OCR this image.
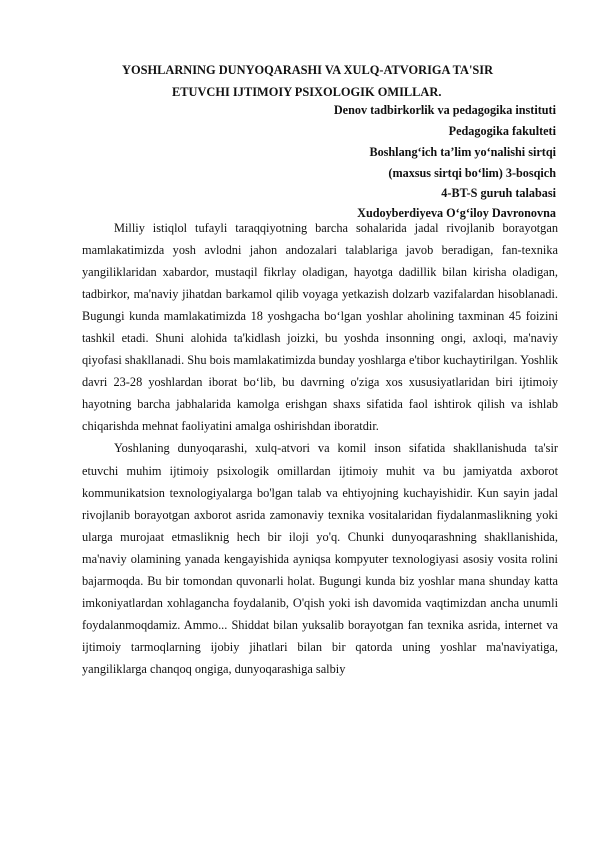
YOSHLARNING DUNYOQARASHI VA XULQ-ATVORIGA TA'SIR
ETUVCHI IJTIMOIY PSIXOLOGIK OMILLAR.
Denov tadbirkorlik va pedagogika instituti
Pedagogika fakulteti
Boshlang‘ich ta’lim yo‘nalishi sirtqi
(maxsus sirtqi bo‘lim) 3-bosqich
4-BT-S guruh talabasi
Xudoyberdiyeva O‘g‘iloy Davronovna

Milliy istiqlol tufayli taraqqiyotning barcha sohalarida jadal rivojlanib borayotgan mamlakatimizda yosh avlodni jahon andozalari talablariga javob beradigan, fan-texnika yangiliklaridan xabardor, mustaqil fikrlay oladigan, hayotga dadillik bilan kirisha oladigan, tadbirkor, ma'naviy jihatdan barkamol qilib voyaga yetkazish dolzarb vazifalardan hisoblanadi. Bugungi kunda mamlakatimizda 18 yoshgacha bo‘lgan yoshlar aholining taxminan 45 foizini tashkil etadi. Shuni alohida ta'kidlash joizki, bu yoshda insonning ongi, axloqi, ma'naviy qiyofasi shakllanadi. Shu bois mamlakatimizda bunday yoshlarga e'tibor kuchaytirilgan. Yoshlik davri 23-28 yoshlardan iborat bo‘lib, bu davrning o'ziga xos xususiyatlaridan biri ijtimoiy hayotning barcha jabhalarida kamolga erishgan shaxs sifatida faol ishtirok qilish va ishlab chiqarishda mehnat faoliyatini amalga oshirishdan iboratdir.

Yoshlaning dunyoqarashi, xulq-atvori va komil inson sifatida shakllanishuda ta'sir etuvchi muhim ijtimoiy psixologik omillardan ijtimoiy muhit va bu jamiyatda axborot kommunikatsion texnologiyalarga bo'lgan talab va ehtiyojning kuchayishidir. Kun sayin jadal rivojlanib borayotgan axborot asrida zamonaviy texnika vositalaridan fiydalanmaslikning yoki ularga murojaat etmasliknig hech bir iloji yo'q. Chunki dunyoqarashning shakllanishida, ma'naviy olamining yanada kengayishida ayniqsa kompyuter texnologiyasi asosiy vosita rolini bajarmoqda. Bu bir tomondan quvonarli holat. Bugungi kunda biz yoshlar mana shunday katta imkoniyatlardan xohlagancha foydalanib, O'qish yoki ish davomida vaqtimizdan ancha unumli foydalanmoqdamiz. Ammo... Shiddat bilan yuksalib borayotgan fan texnika asrida, internet va ijtimoiy tarmoqlarning ijobiy jihatlari bilan bir qatorda uning yoshlar ma'naviyatiga, yangiliklarga chanqoq ongiga, dunyoqarashiga salbiy
